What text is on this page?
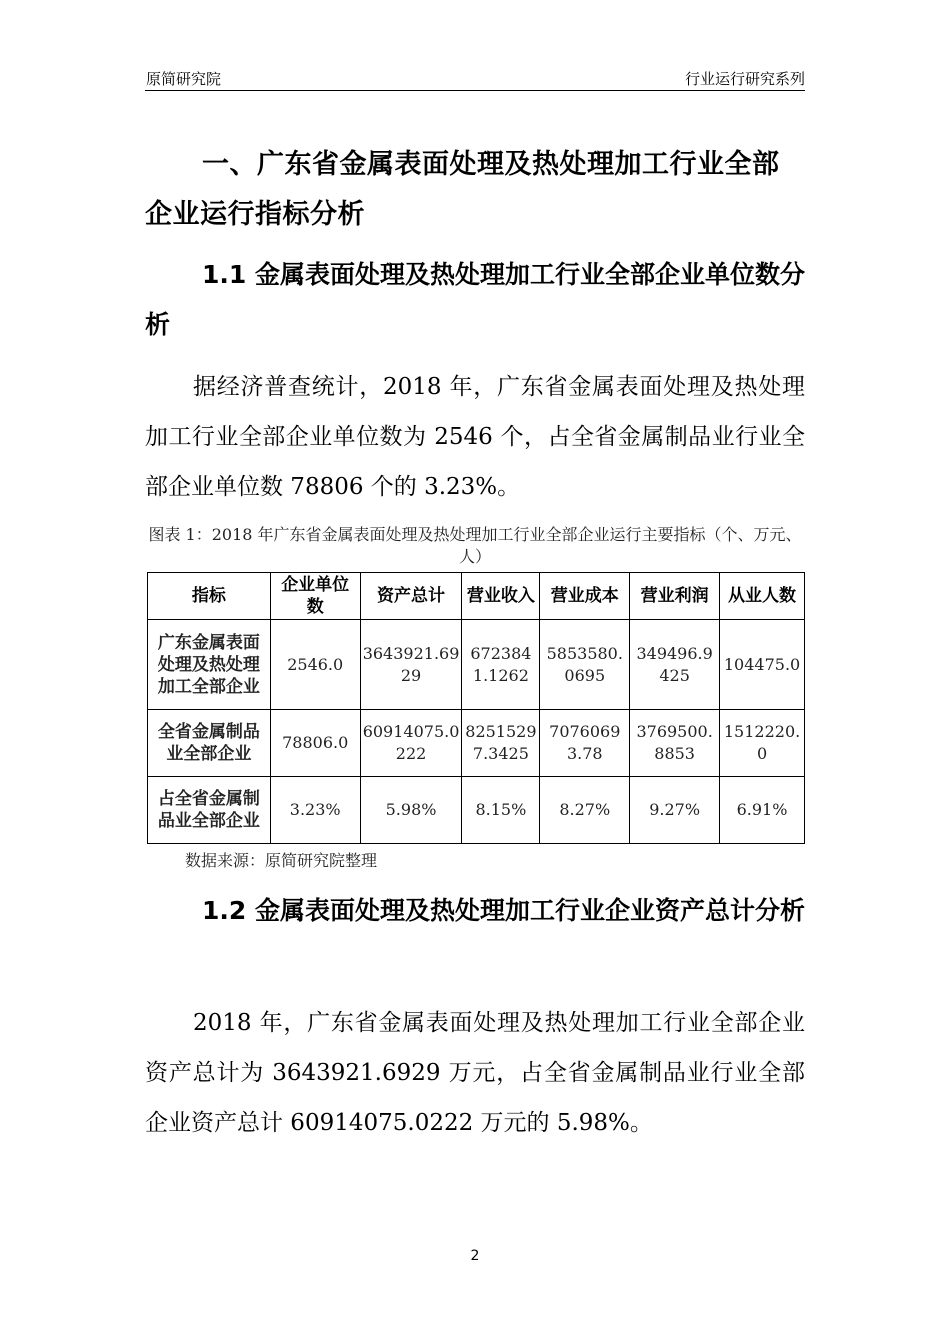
原简研究院	行业运行研究系列
一、广东省金属表面处理及热处理加工行业全部企业运行指标分析
1.1 金属表面处理及热处理加工行业全部企业单位数分析
据经济普查统计，2018 年，广东省金属表面处理及热处理加工行业全部企业单位数为 2546 个，占全省金属制品业行业全部企业单位数 78806 个的 3.23%。
图表 1：2018 年广东省金属表面处理及热处理加工行业全部企业运行主要指标（个、万元、人）
指标	企业单位数	资产总计	营业收入	营业成本	营业利润	从业人数
广东金属表面处理及热处理加工全部企业	2546.0	3643921.6929	6723841.1262	5853580.0695	349496.9425	104475.0
全省金属制品业全部企业	78806.0	60914075.0222	82515297.3425	70760693.78	3769500.8853	1512220.0
占全省金属制品业全部企业	3.23%	5.98%	8.15%	8.27%	9.27%	6.91%
数据来源：原简研究院整理
1.2 金属表面处理及热处理加工行业企业资产总计分析
2018 年，广东省金属表面处理及热处理加工行业全部企业资产总计为 3643921.6929 万元，占全省金属制品业行业全部企业资产总计 60914075.0222 万元的 5.98%。
2
